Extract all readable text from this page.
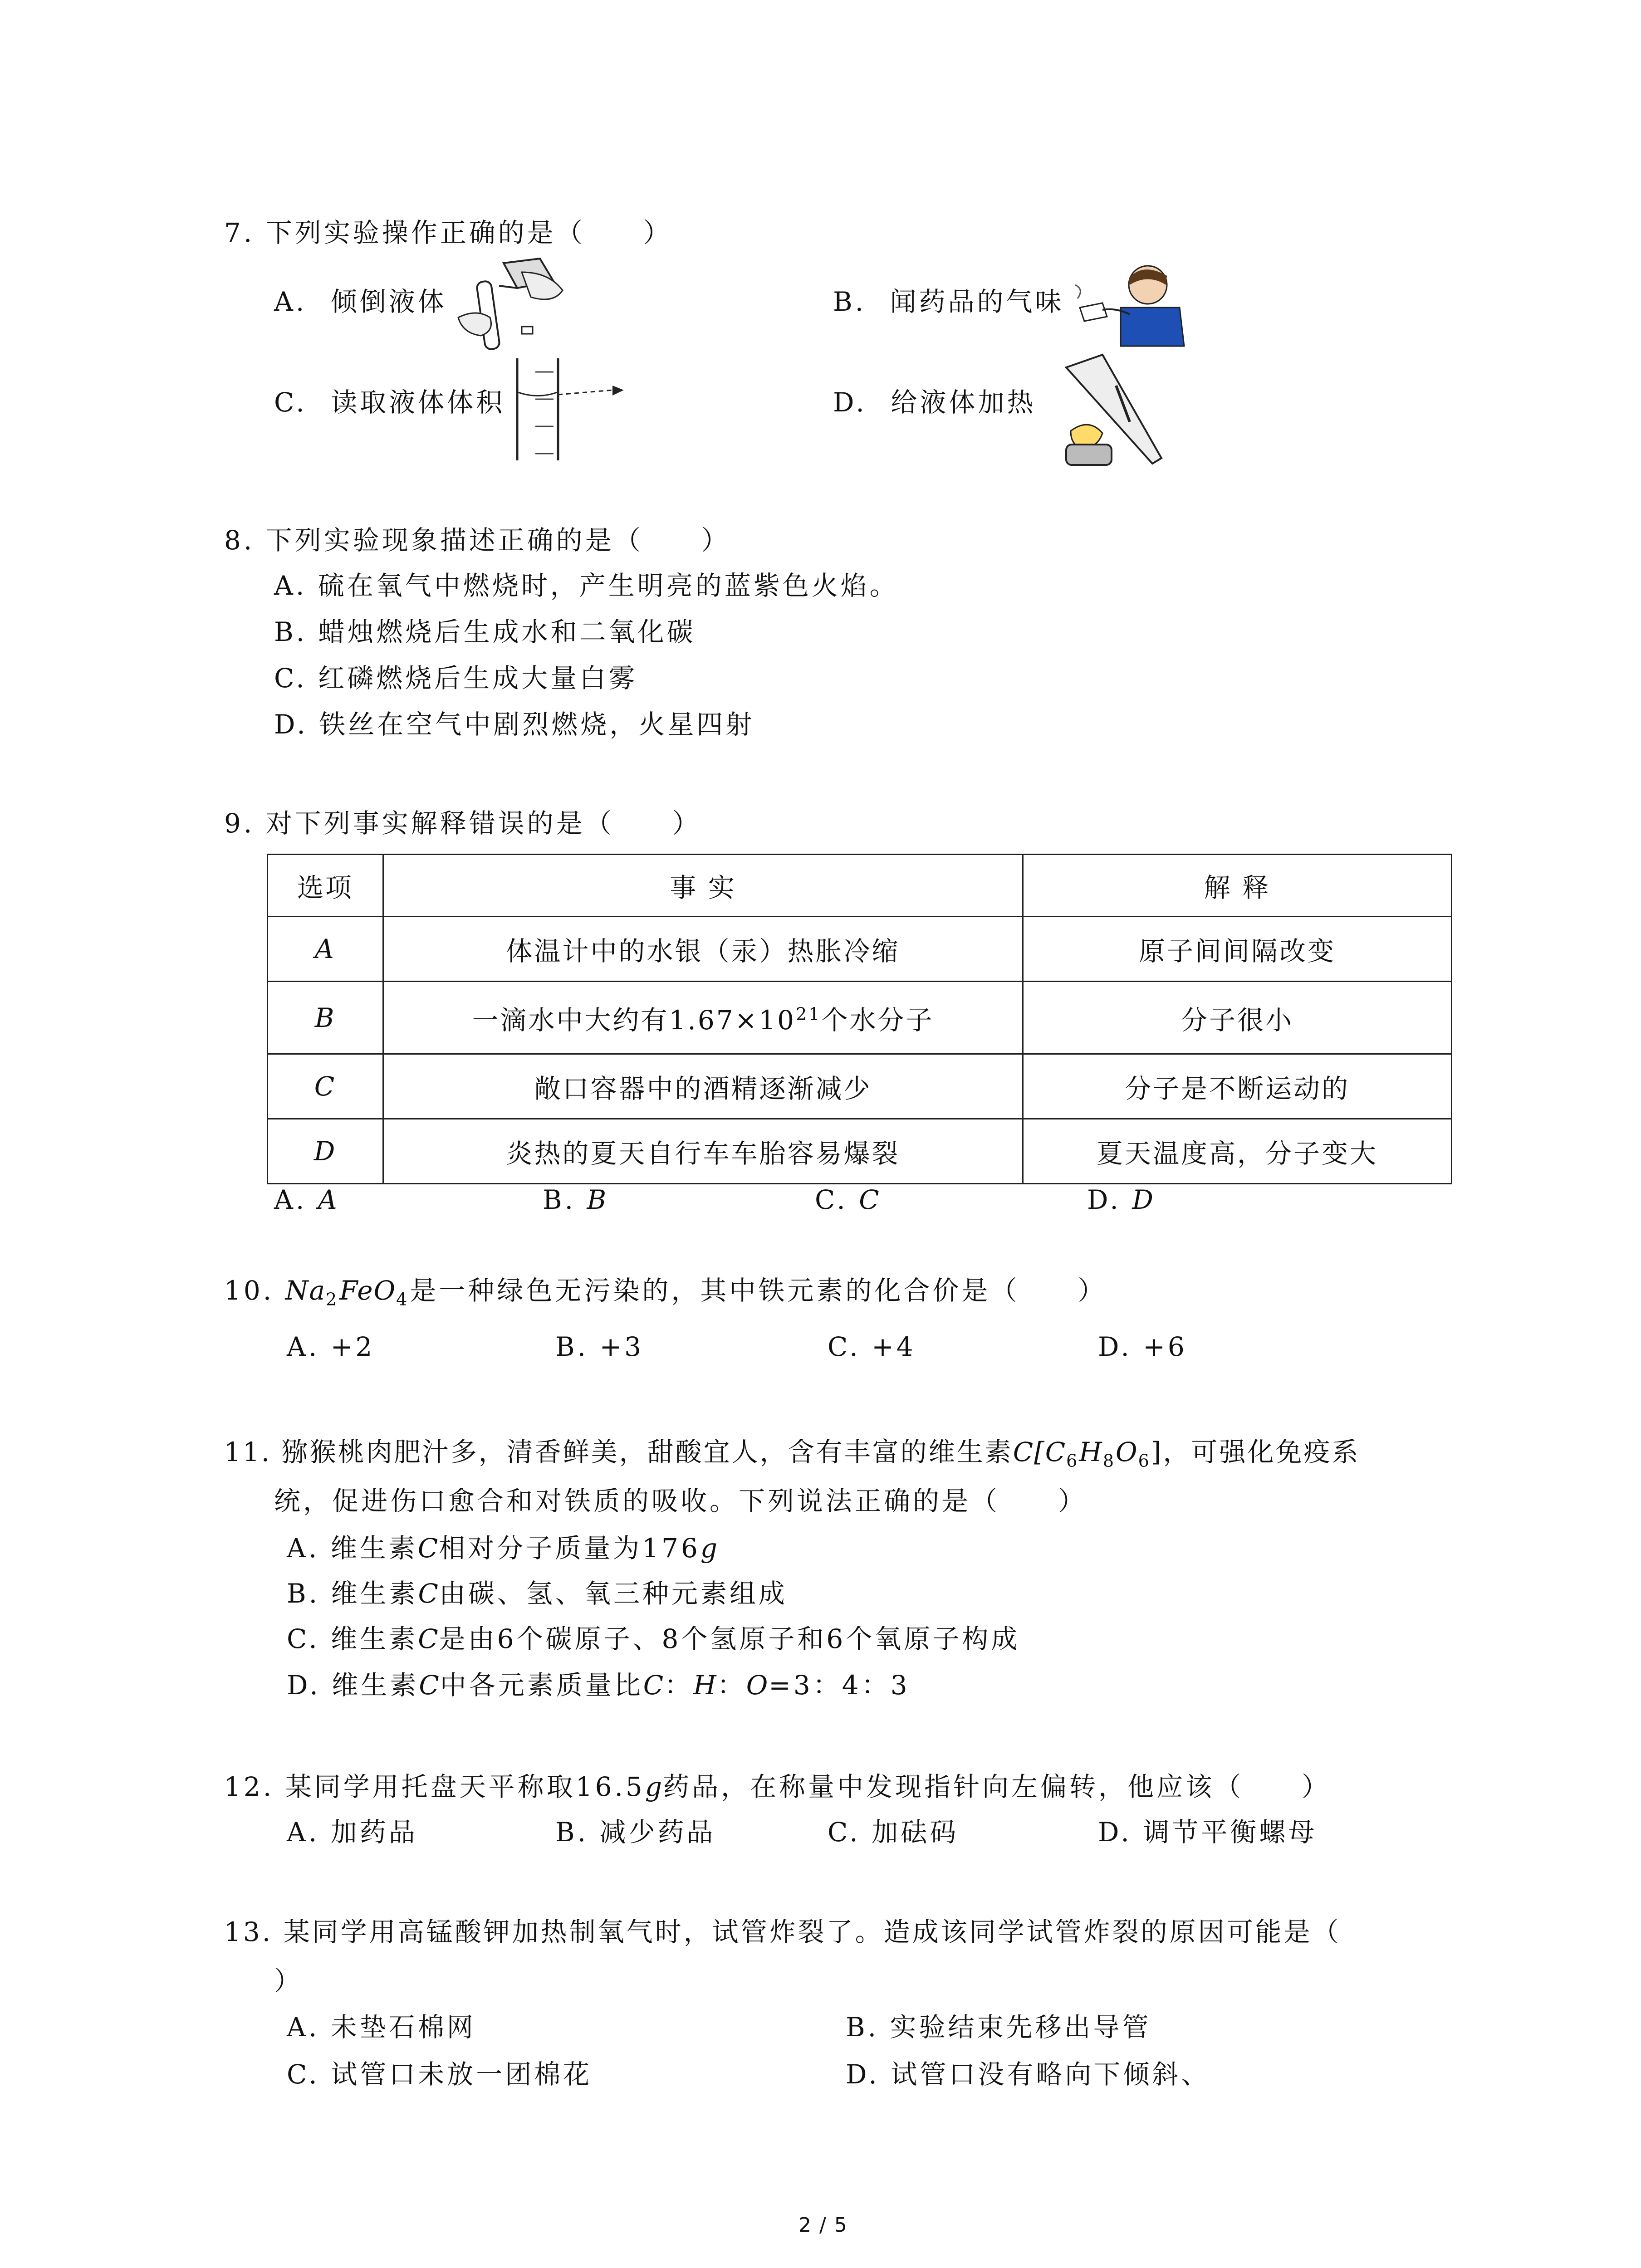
7. 下列实验操作正确的是（　　）
A. 倾倒液体	B. 闻药品的气味
C. 读取液体体积	D. 给液体加热
8. 下列实验现象描述正确的是（　　）
A. 硫在氧气中燃烧时，产生明亮的蓝紫色火焰。
B. 蜡烛燃烧后生成水和二氧化碳
C. 红磷燃烧后生成大量白雾
D. 铁丝在空气中剧烈燃烧，火星四射
9. 对下列事实解释错误的是（　　）
选项	事 实	解 释
A	体温计中的水银（汞）热胀冷缩	原子间间隔改变
B	一滴水中大约有$1.67\times 10^{21}$个水分子	分子很小
C	敞口容器中的酒精逐渐减少	分子是不断运动的
D	炎热的夏天自行车车胎容易爆裂	夏天温度高，分子变大
A. A	B. B	C. C	D. D
10. $Na_2FeO_4$是一种绿色无污染的，其中铁元素的化合价是（　　）
A. +2	B. +3	C. +4	D. +6
11. 猕猴桃肉肥汁多，清香鲜美，甜酸宜人，含有丰富的维生素$C[C_6H_8O_6]$，可强化免疫系
统，促进伤口愈合和对铁质的吸收。下列说法正确的是（　　）
A. 维生素C相对分子质量为176g
B. 维生素C由碳、氢、氧三种元素组成
C. 维生素C是由6个碳原子、8个氢原子和6个氧原子构成
D. 维生素C中各元素质量比C：H：O=3：4：3
12. 某同学用托盘天平称取16.5g药品，在称量中发现指针向左偏转，他应该（　　）
A. 加药品	B. 减少药品	C. 加砝码	D. 调节平衡螺母
13. 某同学用高锰酸钾加热制氧气时，试管炸裂了。造成该同学试管炸裂的原因可能是（
）
A. 未垫石棉网	B. 实验结束先移出导管
C. 试管口未放一团棉花	D. 试管口没有略向下倾斜、
2 / 5
